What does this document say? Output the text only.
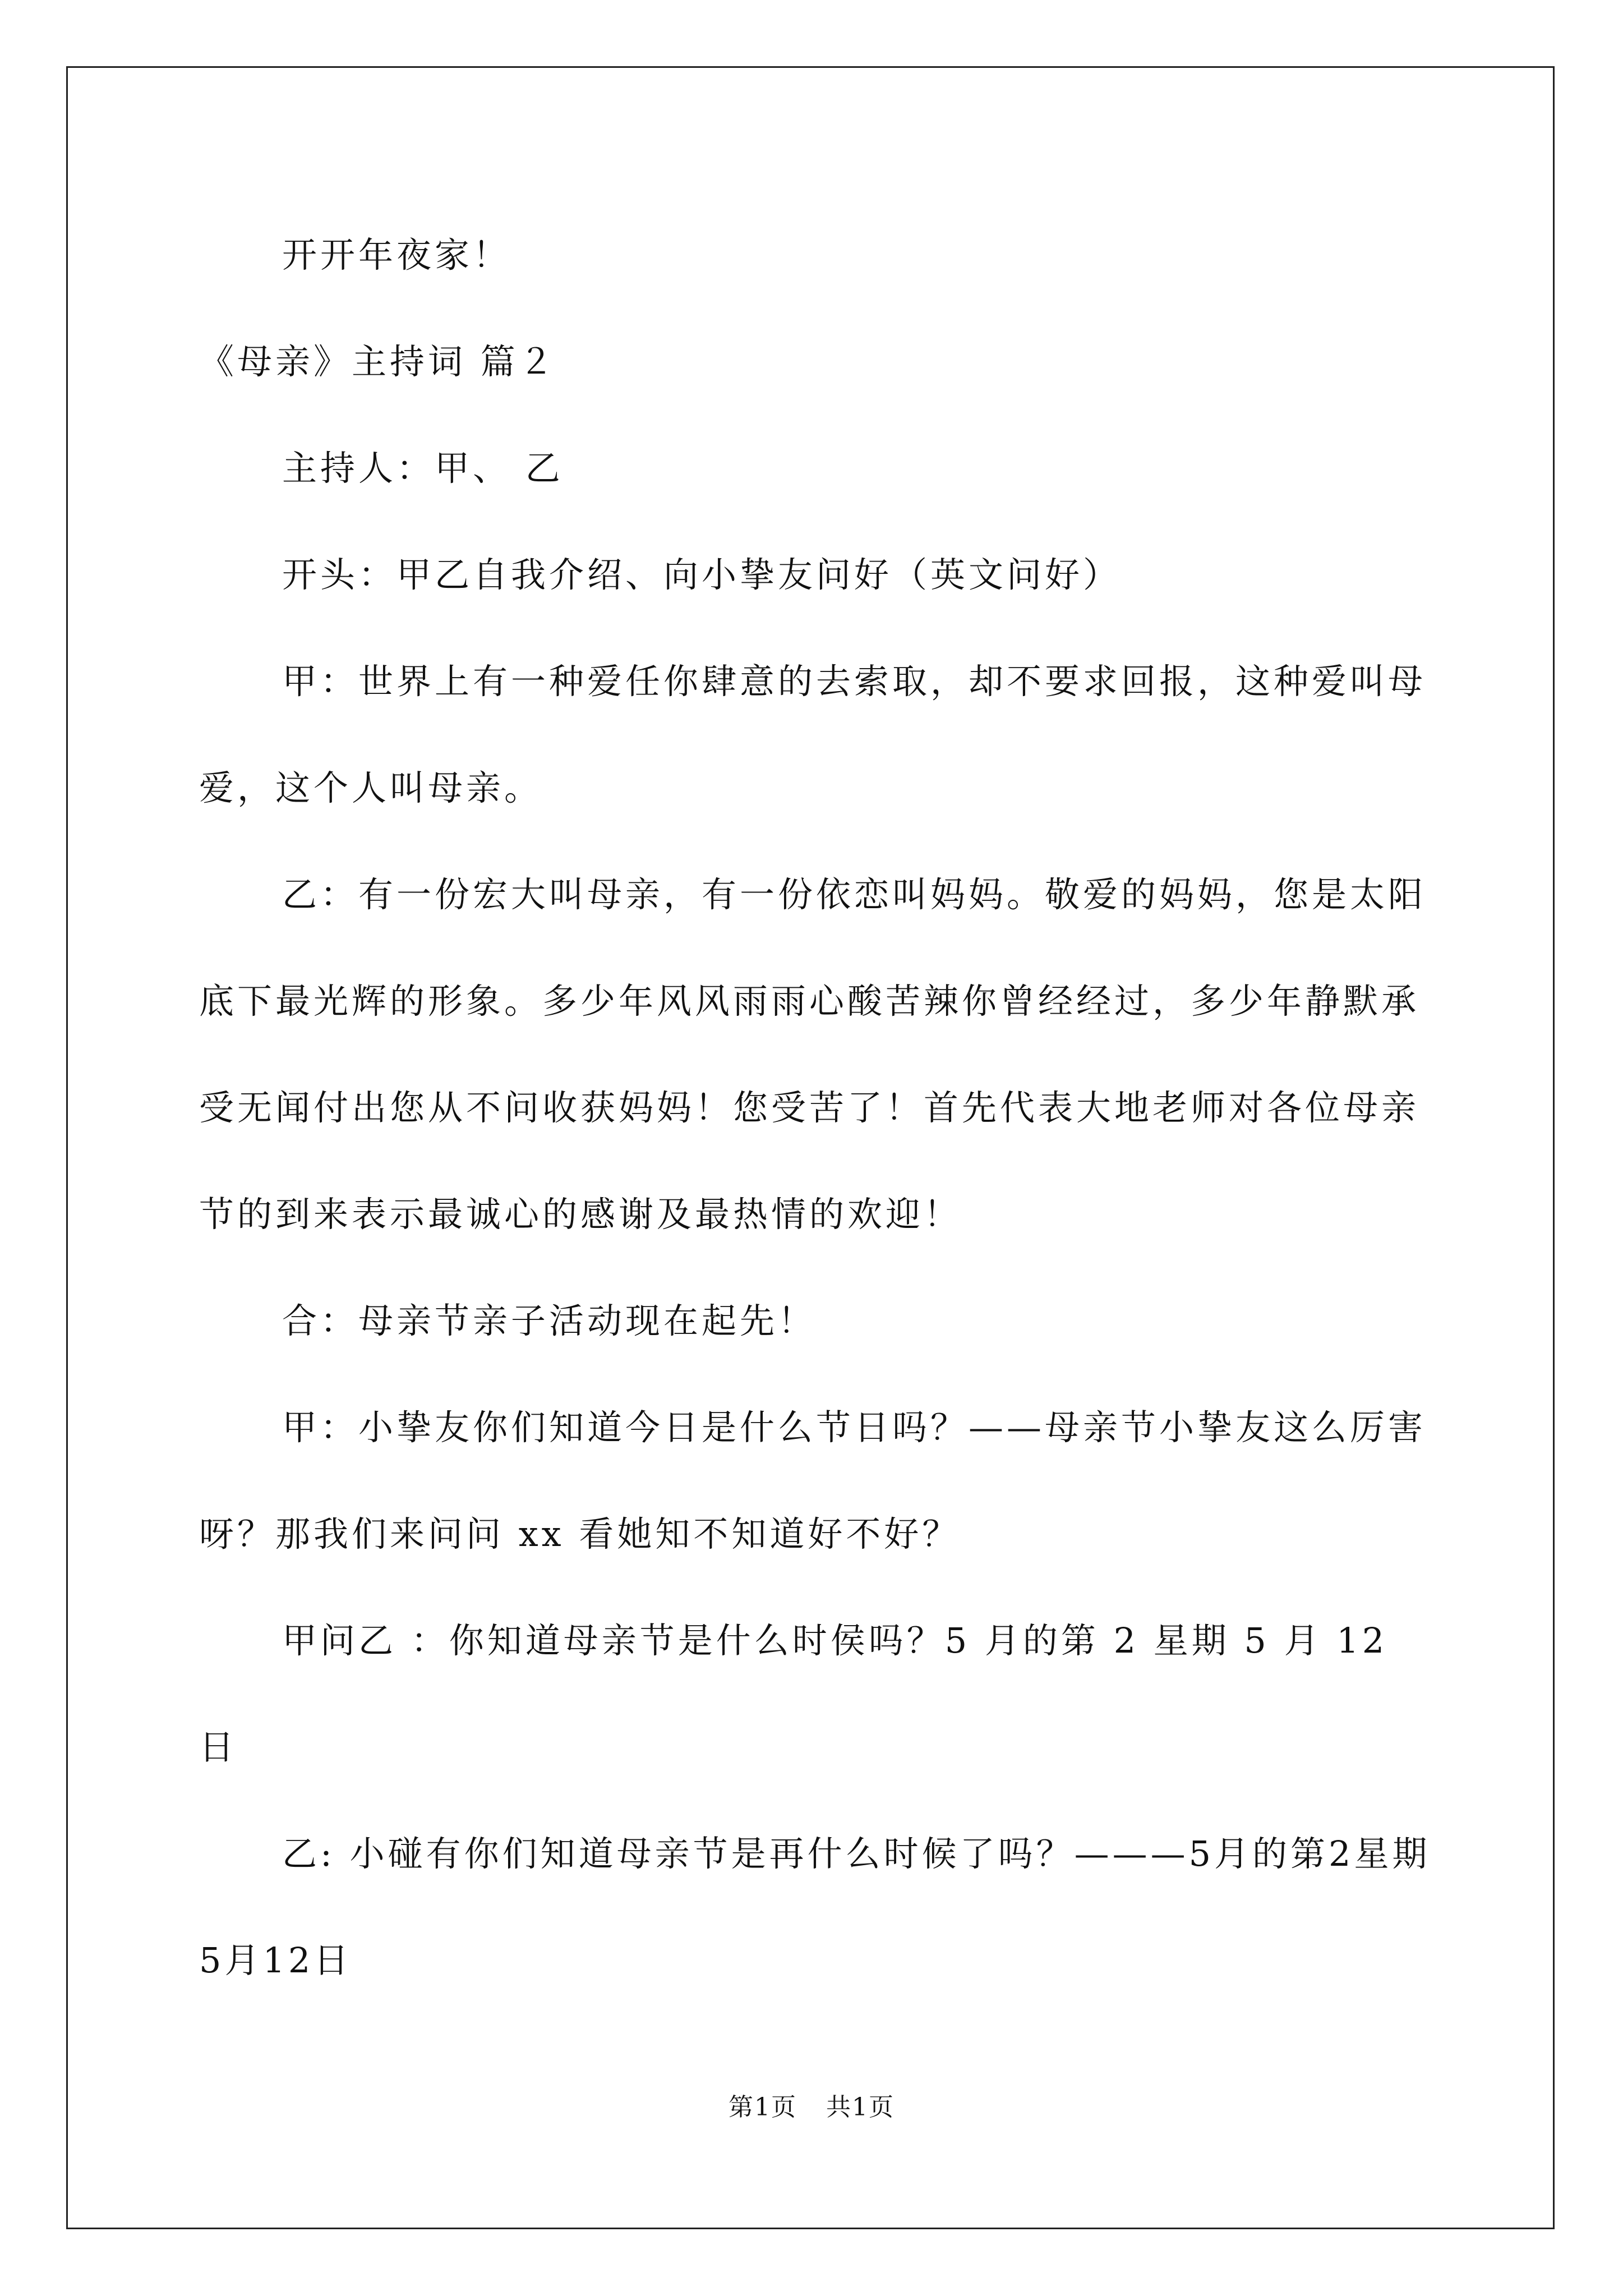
开开年夜家！

《母亲》主持词 篇２

主持人：甲、 乙

开头：甲乙自我介绍、向小挚友问好（英文问好）

甲：世界上有一种爱任你肆意的去索取，却不要求回报，这种爱叫母爱，这个人叫母亲。

乙：有一份宏大叫母亲，有一份依恋叫妈妈。敬爱的妈妈，您是太阳底下最光辉的形象。多少年风风雨雨心酸苦辣你曾经经过，多少年静默承受无闻付出您从不问收获妈妈！您受苦了！首先代表大地老师对各位母亲节的到来表示最诚心的感谢及最热情的欢迎！

合：母亲节亲子活动现在起先！

甲：小挚友你们知道今日是什么节日吗？——母亲节小挚友这么厉害呀？那我们来问问 xx 看她知不知道好不好？

甲问乙 ：你知道母亲节是什么时侯吗？5 月的第 2 星期 5 月 12 日

乙: 小碰有你们知道母亲节是再什么时候了吗？———5月的第2星期5月12日

第1页 共1页
